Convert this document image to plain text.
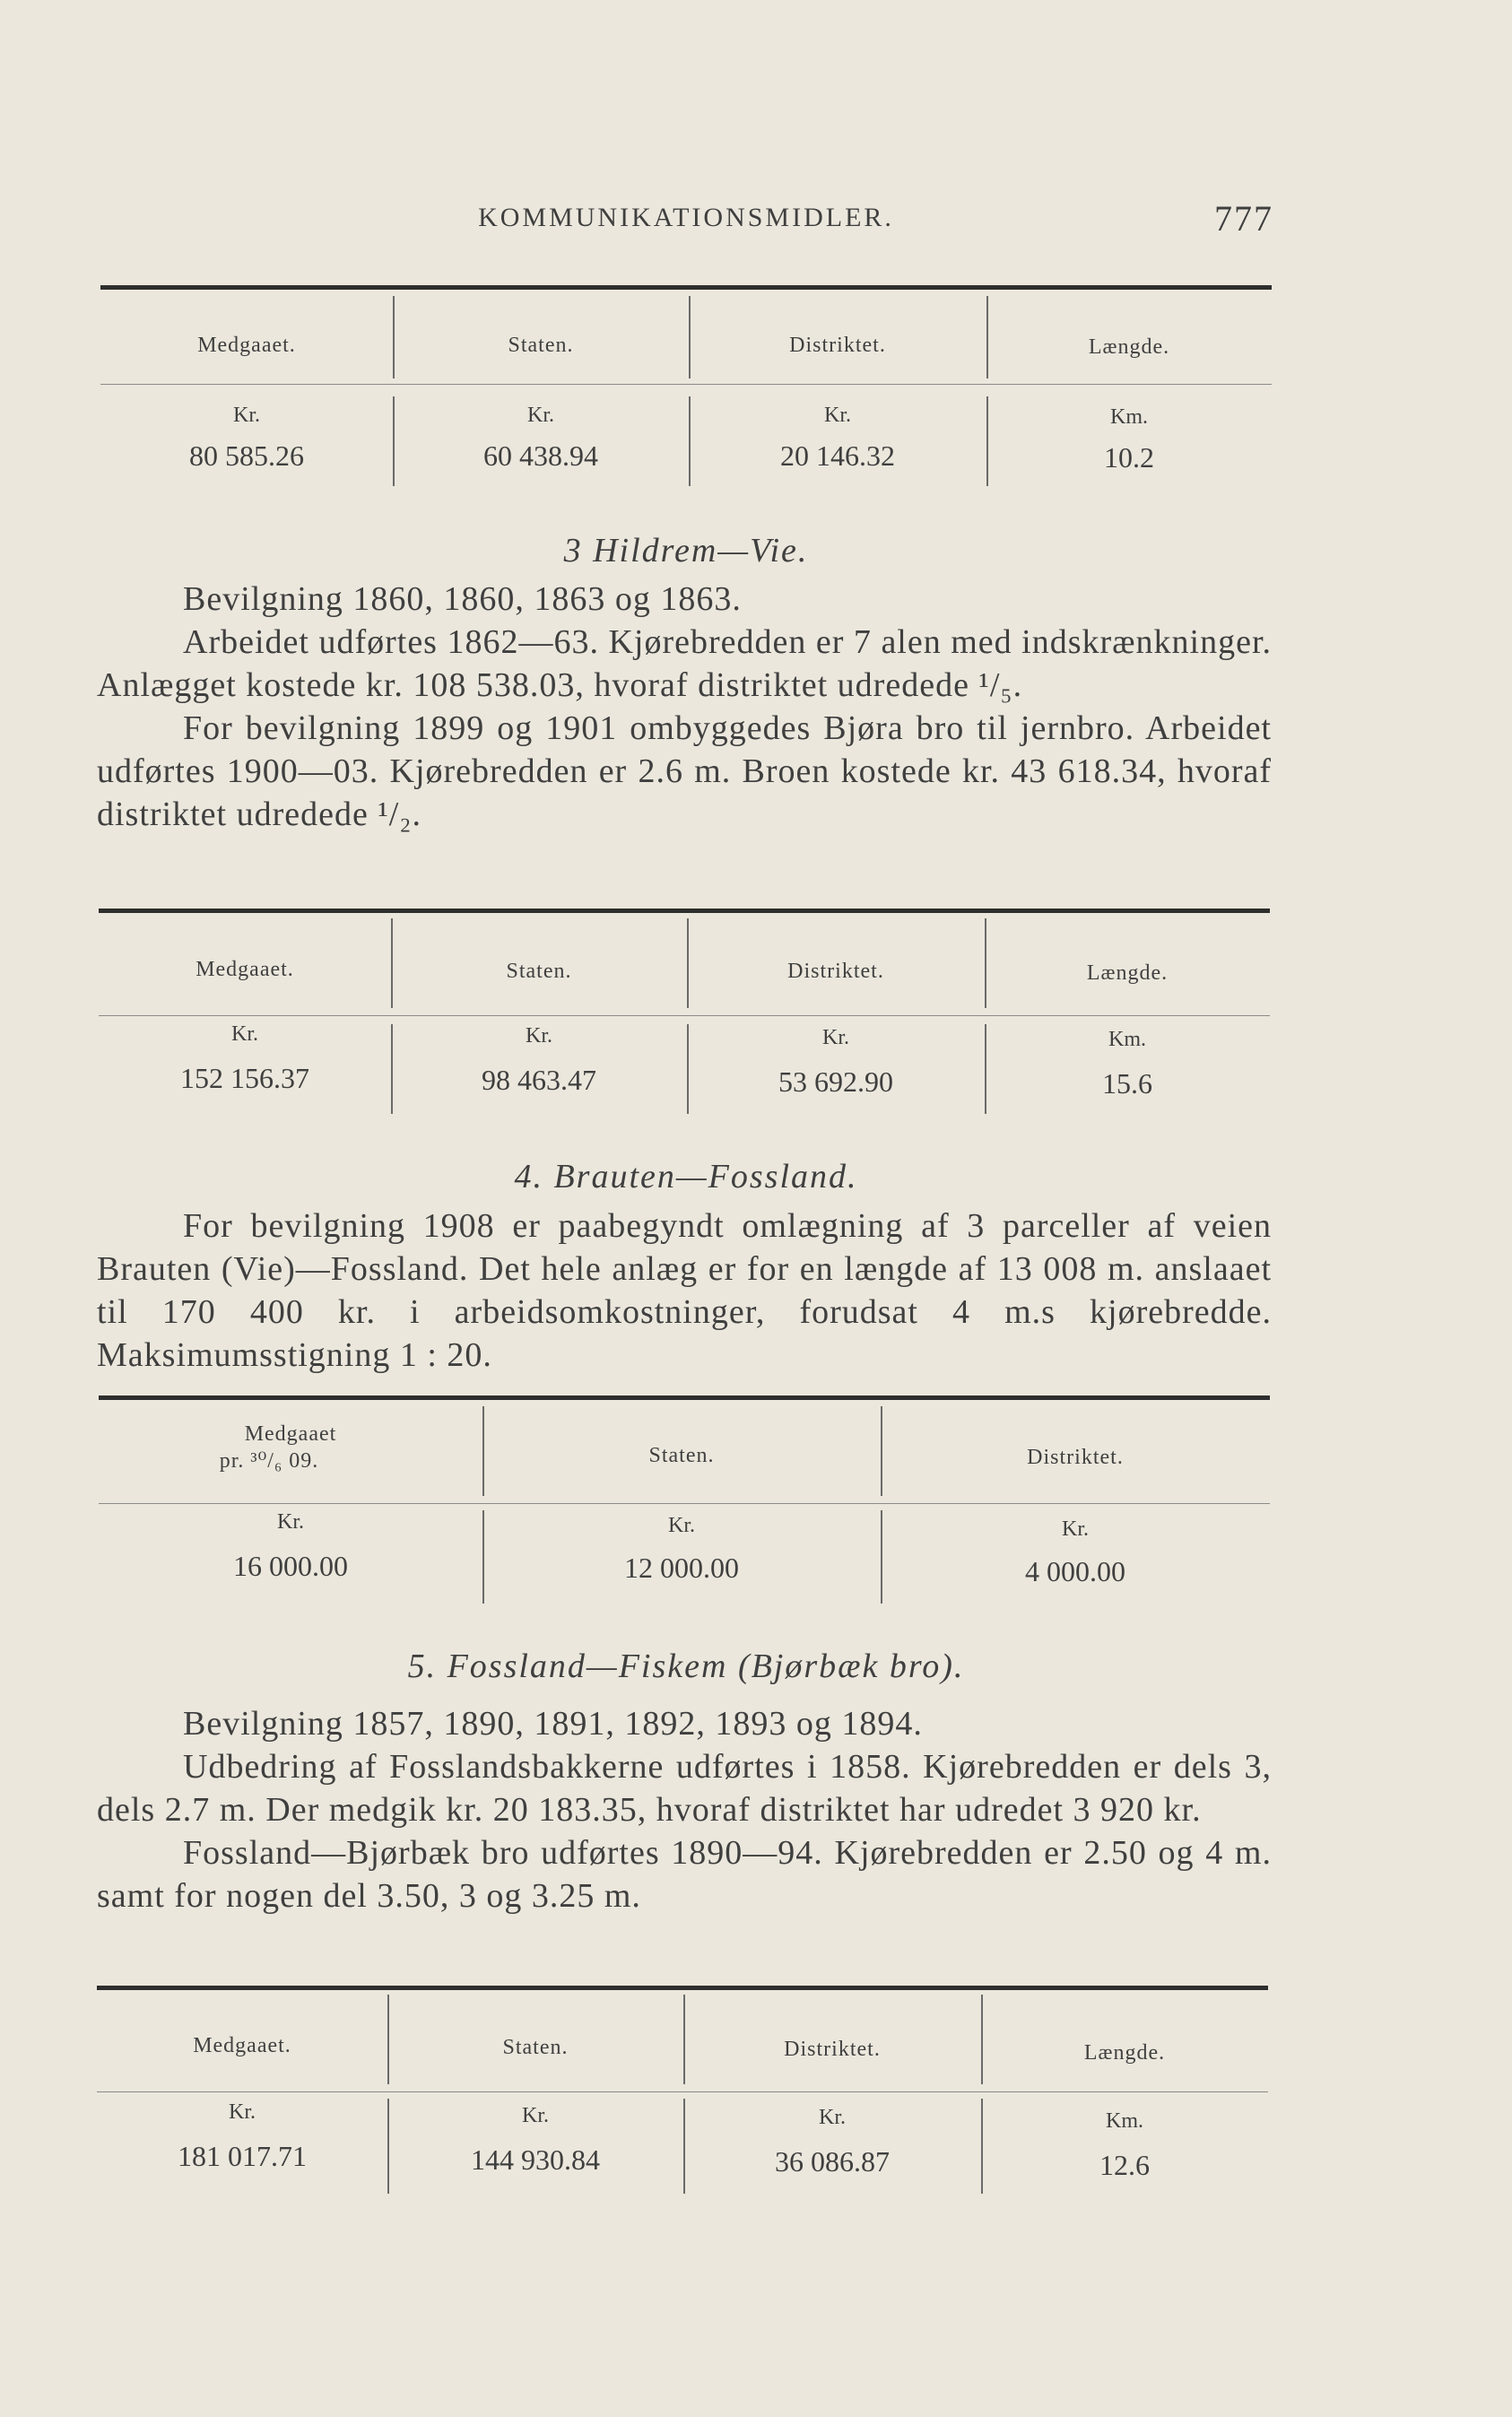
KOMMUNIKATIONSMIDLER.	777
Medgaaet.	Staten.	Distriktet.	Længde.
Kr.	Kr.	Kr.	Km.
80 585.26	60 438.94	20 146.32	10.2
3 Hildrem—Vie.

Bevilgning 1860, 1860, 1863 og 1863.

Arbeidet udførtes 1862—63. Kjørebredden er 7 alen med indskrænkninger. Anlægget kostede kr. 108 538.03, hvoraf distriktet udredede ¹/₅.

For bevilgning 1899 og 1901 ombyggedes Bjøra bro til jernbro. Arbeidet udførtes 1900—03. Kjørebredden er 2.6 m. Broen kostede kr. 43 618.34, hvoraf distriktet udredede ¹/₂.

Medgaaet.	Staten.	Distriktet.	Længde.
Kr.	Kr.	Kr.	Km.
152 156.37	98 463.47	53 692.90	15.6
4. Brauten—Fossland.

For bevilgning 1908 er paabegyndt omlægning af 3 parceller af veien Brauten (Vie)—Fossland. Det hele anlæg er for en længde af 13 008 m. anslaaet til 170 400 kr. i arbeidsomkostninger, forudsat 4 m.s kjørebredde. Maksimumsstigning 1 : 20.

Medgaaet
pr. ³⁰/₆ 09.	Staten.	Distriktet.
Kr.	Kr.	Kr.
16 000.00	12 000.00	4 000.00
5. Fossland—Fiskem (Bjørbæk bro).

Bevilgning 1857, 1890, 1891, 1892, 1893 og 1894.

Udbedring af Fosslandsbakkerne udførtes i 1858. Kjørebredden er dels 3, dels 2.7 m. Der medgik kr. 20 183.35, hvoraf distriktet har udredet 3 920 kr.

Fossland—Bjørbæk bro udførtes 1890—94. Kjørebredden er 2.50 og 4 m. samt for nogen del 3.50, 3 og 3.25 m.

Medgaaet.	Staten.	Distriktet.	Længde.
Kr.	Kr.	Kr.	Km.
181 017.71	144 930.84	36 086.87	12.6
